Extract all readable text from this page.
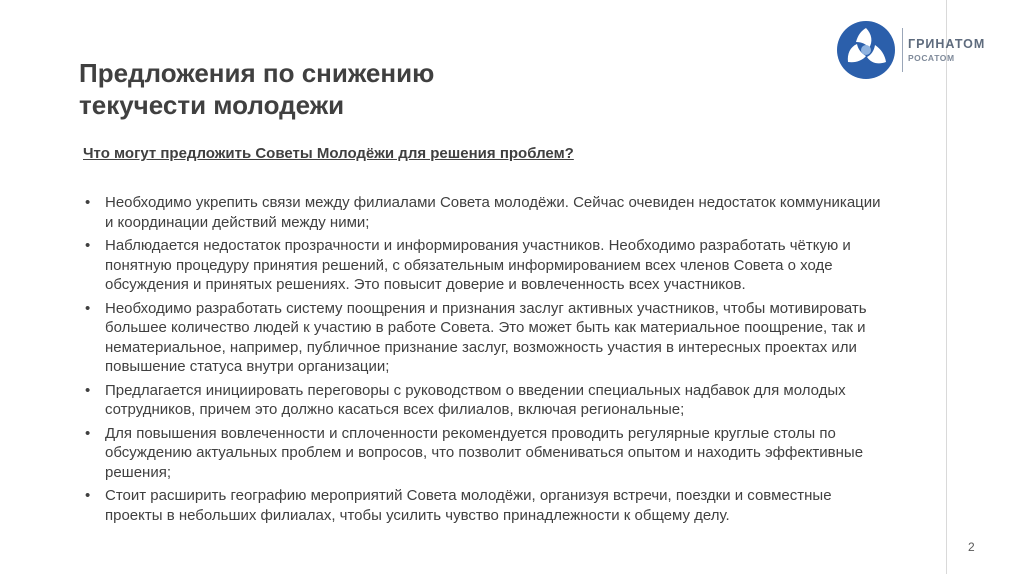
ГРИНАТОМ
РОСАТОМ
Предложения по снижению
текучести молодежи
Что могут предложить Советы Молодёжи для решения проблем?
• Необходимо укрепить связи между филиалами Совета молодёжи. Сейчас очевиден недостаток коммуникации
и координации действий между ними;
• Наблюдается недостаток прозрачности и информирования участников. Необходимо разработать чёткую и
понятную процедуру принятия решений, с обязательным информированием всех членов Совета о ходе
обсуждения и принятых решениях. Это повысит доверие и вовлеченность всех участников.
• Необходимо разработать систему поощрения и признания заслуг активных участников, чтобы мотивировать
большее количество людей к участию в работе Совета. Это может быть как материальное поощрение, так и
нематериальное, например, публичное признание заслуг, возможность участия в интересных проектах или
повышение статуса внутри организации;
• Предлагается инициировать переговоры с руководством о введении специальных надбавок для молодых
сотрудников, причем это должно касаться всех филиалов, включая региональные;
• Для повышения вовлеченности и сплоченности рекомендуется проводить регулярные круглые столы по
обсуждению актуальных проблем и вопросов, что позволит обмениваться опытом и находить эффективные
решения;
• Стоит расширить географию мероприятий Совета молодёжи, организуя встречи, поездки и совместные
проекты в небольших филиалах, чтобы усилить чувство принадлежности к общему делу.
2
